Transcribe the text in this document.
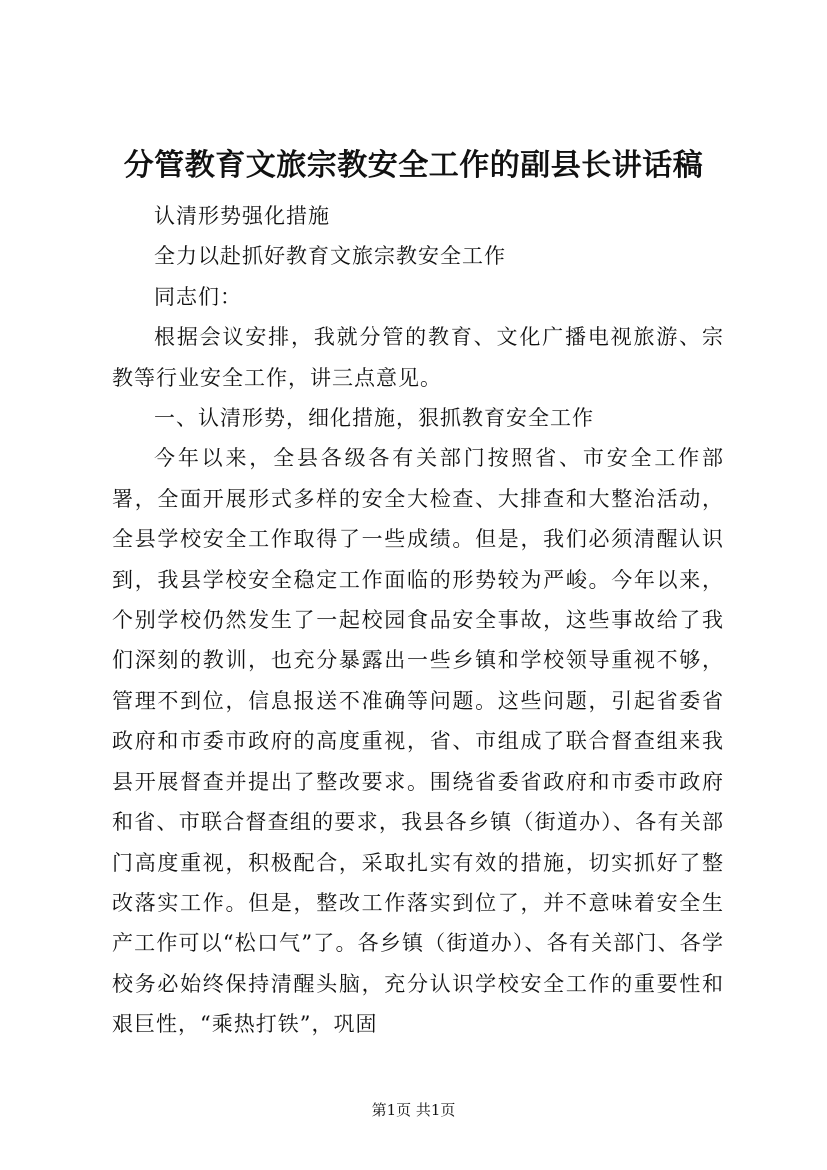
分管教育文旅宗教安全工作的副县长讲话稿

认清形势强化措施

全力以赴抓好教育文旅宗教安全工作

同志们：

根据会议安排，我就分管的教育、文化广播电视旅游、宗教等行业安全工作，讲三点意见。

一、认清形势，细化措施，狠抓教育安全工作

今年以来，全县各级各有关部门按照省、市安全工作部署，全面开展形式多样的安全大检查、大排查和大整治活动，全县学校安全工作取得了一些成绩。但是，我们必须清醒认识到，我县学校安全稳定工作面临的形势较为严峻。今年以来，个别学校仍然发生了一起校园食品安全事故，这些事故给了我们深刻的教训，也充分暴露出一些乡镇和学校领导重视不够，管理不到位，信息报送不准确等问题。这些问题，引起省委省政府和市委市政府的高度重视，省、市组成了联合督查组来我县开展督查并提出了整改要求。围绕省委省政府和市委市政府和省、市联合督查组的要求，我县各乡镇（街道办）、各有关部门高度重视，积极配合，采取扎实有效的措施，切实抓好了整改落实工作。但是，整改工作落实到位了，并不意味着安全生产工作可以“松口气”了。各乡镇（街道办）、各有关部门、各学校务必始终保持清醒头脑，充分认识学校安全工作的重要性和艰巨性，“乘热打铁”，巩固

第1页 共1页
